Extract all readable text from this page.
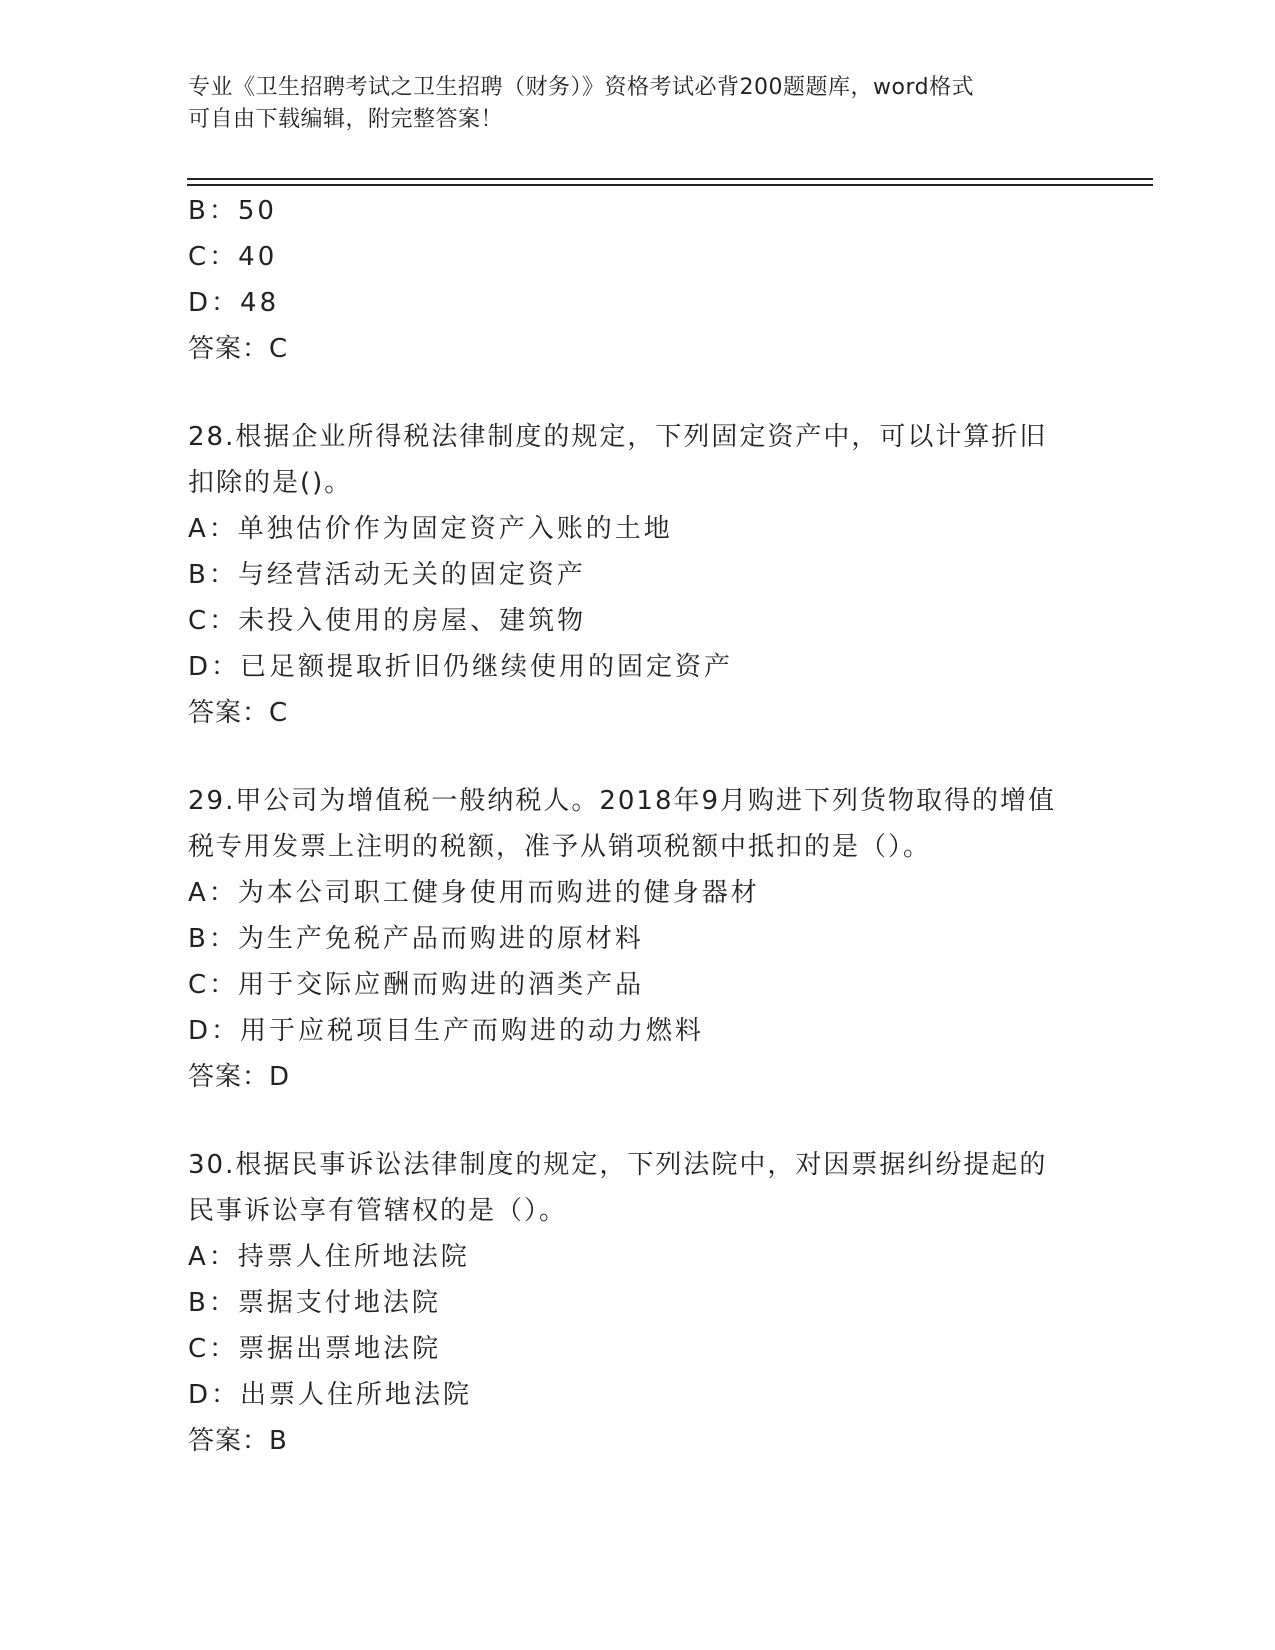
专业《卫生招聘考试之卫生招聘（财务）》资格考试必背200题题库，word格式
可自由下载编辑，附完整答案！
B：50
C：40
D：48
答案：C
28.根据企业所得税法律制度的规定，下列固定资产中，可以计算折旧
扣除的是()。
A：单独估价作为固定资产入账的土地
B：与经营活动无关的固定资产
C：未投入使用的房屋、建筑物
D：已足额提取折旧仍继续使用的固定资产
答案：C
29.甲公司为增值税一般纳税人。2018年9月购进下列货物取得的增值
税专用发票上注明的税额，准予从销项税额中抵扣的是（）。
A：为本公司职工健身使用而购进的健身器材
B：为生产免税产品而购进的原材料
C：用于交际应酬而购进的酒类产品
D：用于应税项目生产而购进的动力燃料
答案：D
30.根据民事诉讼法律制度的规定，下列法院中，对因票据纠纷提起的
民事诉讼享有管辖权的是（）。
A：持票人住所地法院
B：票据支付地法院
C：票据出票地法院
D：出票人住所地法院
答案：B
